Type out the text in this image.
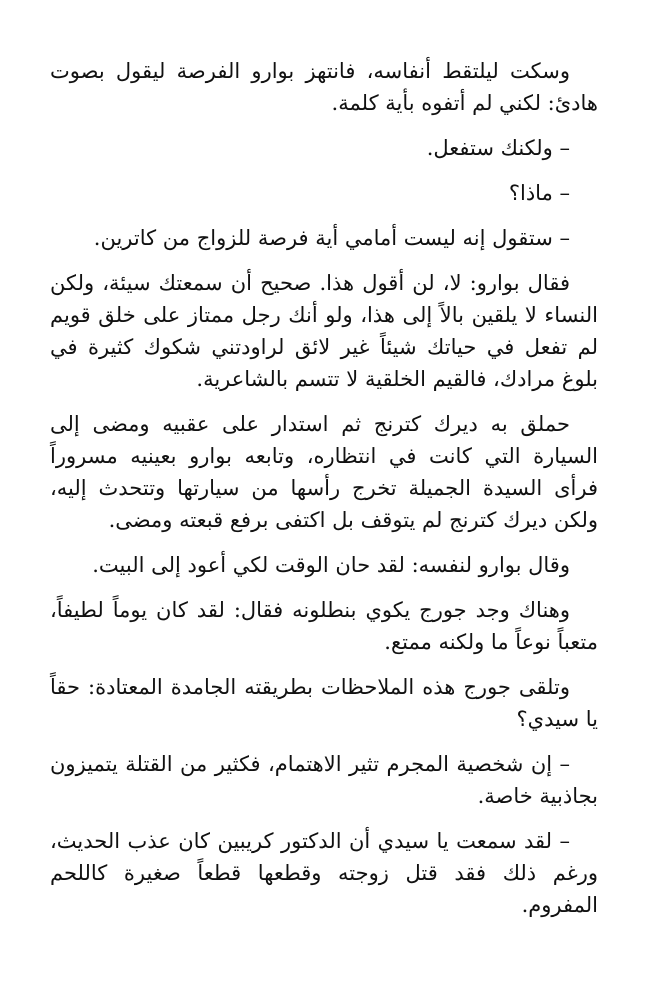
وسكت ليلتقط أنفاسه، فانتهز بوارو الفرصة ليقول بصوت هادئ: لكني لم أتفوه بأية كلمة.

– ولكنك ستفعل.

– ماذا؟

– ستقول إنه ليست أمامي أية فرصة للزواج من كاترين.

فقال بوارو: لا، لن أقول هذا. صحيح أن سمعتك سيئة، ولكن النساء لا يلقين بالاً إلى هذا، ولو أنك رجل ممتاز على خلق قويم لم تفعل في حياتك شيئاً غير لائق لراودتني شكوك كثيرة في بلوغ مرادك، فالقيم الخلقية لا تتسم بالشاعرية.

حملق به ديرك كترنج ثم استدار على عقبيه ومضى إلى السيارة التي كانت في انتظاره، وتابعه بوارو بعينيه مسروراً فرأى السيدة الجميلة تخرج رأسها من سيارتها وتتحدث إليه، ولكن ديرك كترنج لم يتوقف بل اكتفى برفع قبعته ومضى.

وقال بوارو لنفسه: لقد حان الوقت لكي أعود إلى البيت.

وهناك وجد جورج يكوي بنطلونه فقال: لقد كان يوماً لطيفاً، متعباً نوعاً ما ولكنه ممتع.

وتلقى جورج هذه الملاحظات بطريقته الجامدة المعتادة: حقاً يا سيدي؟

– إن شخصية المجرم تثير الاهتمام، فكثير من القتلة يتميزون بجاذبية خاصة.

– لقد سمعت يا سيدي أن الدكتور كريبين كان عذب الحديث، ورغم ذلك فقد قتل زوجته وقطعها قطعاً صغيرة كاللحم المفروم.
